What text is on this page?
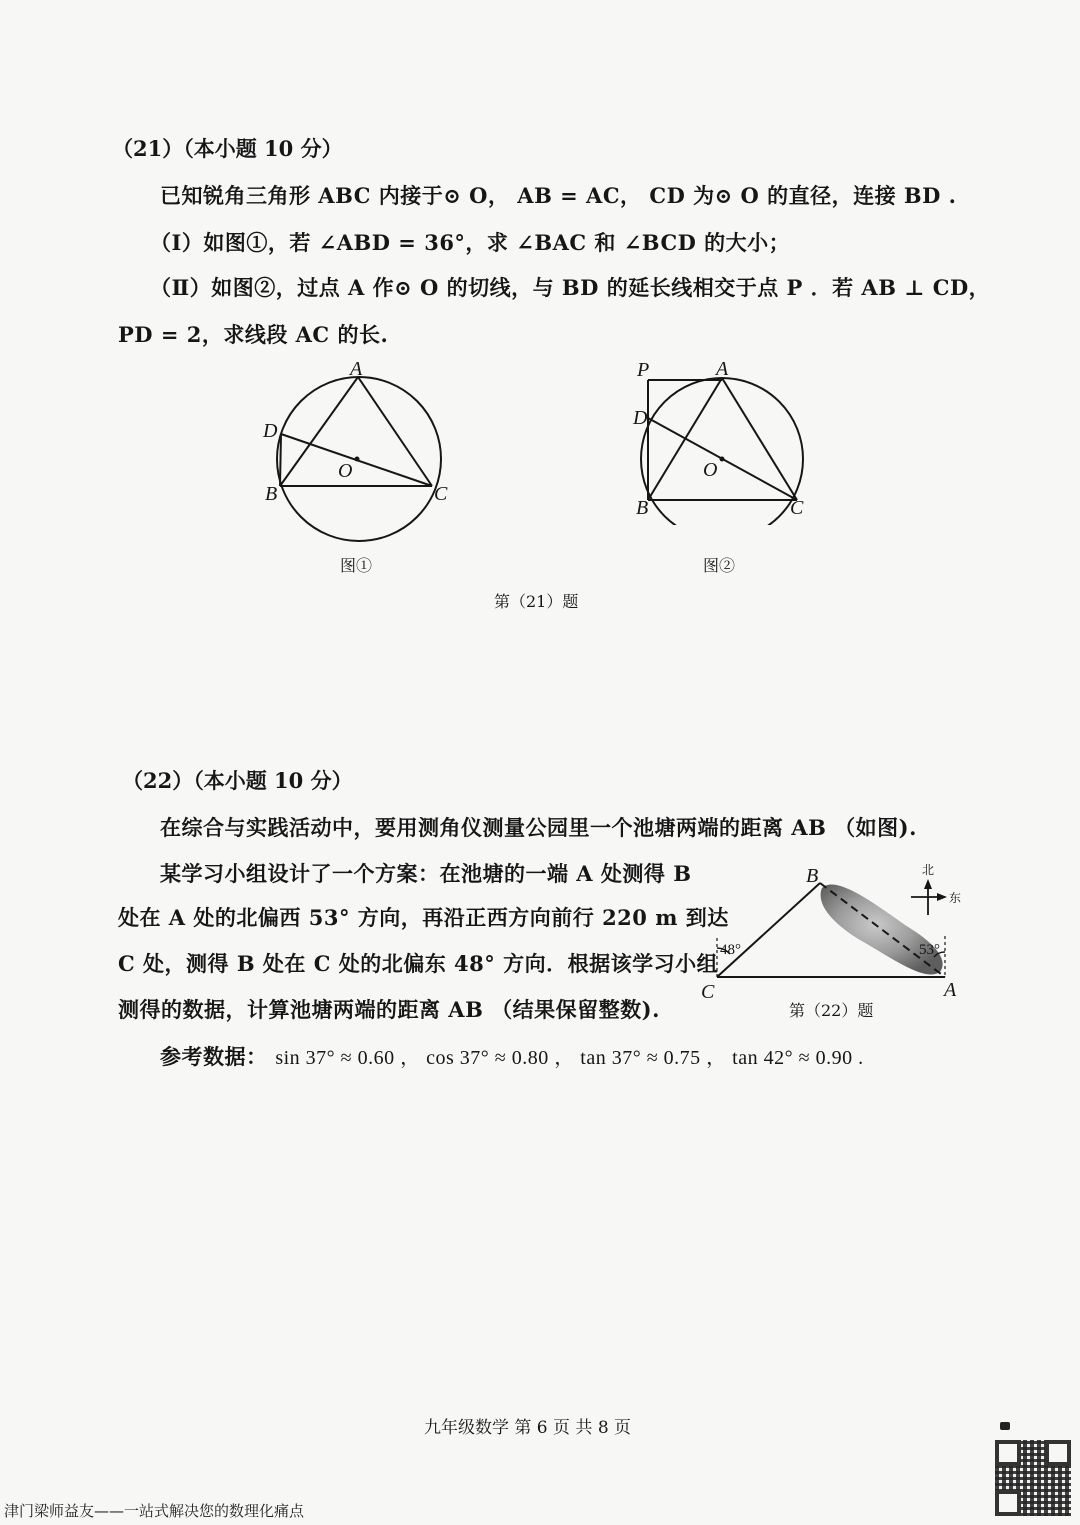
（21）（本小题 10 分）
已知锐角三角形 ABC 内接于⊙ O， AB = AC， CD 为⊙ O 的直径，连接 BD .
（Ⅰ）如图①，若 ∠ABD = 36°，求 ∠BAC 和 ∠BCD 的大小；
（Ⅱ）如图②，过点 A 作⊙ O 的切线，与 BD 的延长线相交于点 P ．若 AB ⊥ CD，
PD = 2，求线段 AC 的长.
A
D
O
B	C
图①
P	A
D
O
B	C
图②
第（21）题
（22）（本小题 10 分）
在综合与实践活动中，要用测角仪测量公园里一个池塘两端的距离 AB （如图).
某学习小组设计了一个方案：在池塘的一端 A 处测得 B
处在 A 处的北偏西 53° 方向，再沿正西方向前行 220 m 到达
C 处，测得 B 处在 C 处的北偏东 48° 方向．根据该学习小组
测得的数据，计算池塘两端的距离 AB （结果保留整数).
参考数据： sin 37° ≈ 0.60 ， cos 37° ≈ 0.80 ， tan 37° ≈ 0.75 ， tan 42° ≈ 0.90 .
北
东
48°	53°
B
C	A
第（22）题
九年级数学 第 6 页 共 8 页
津门梁师益友——一站式解决您的数理化痛点
